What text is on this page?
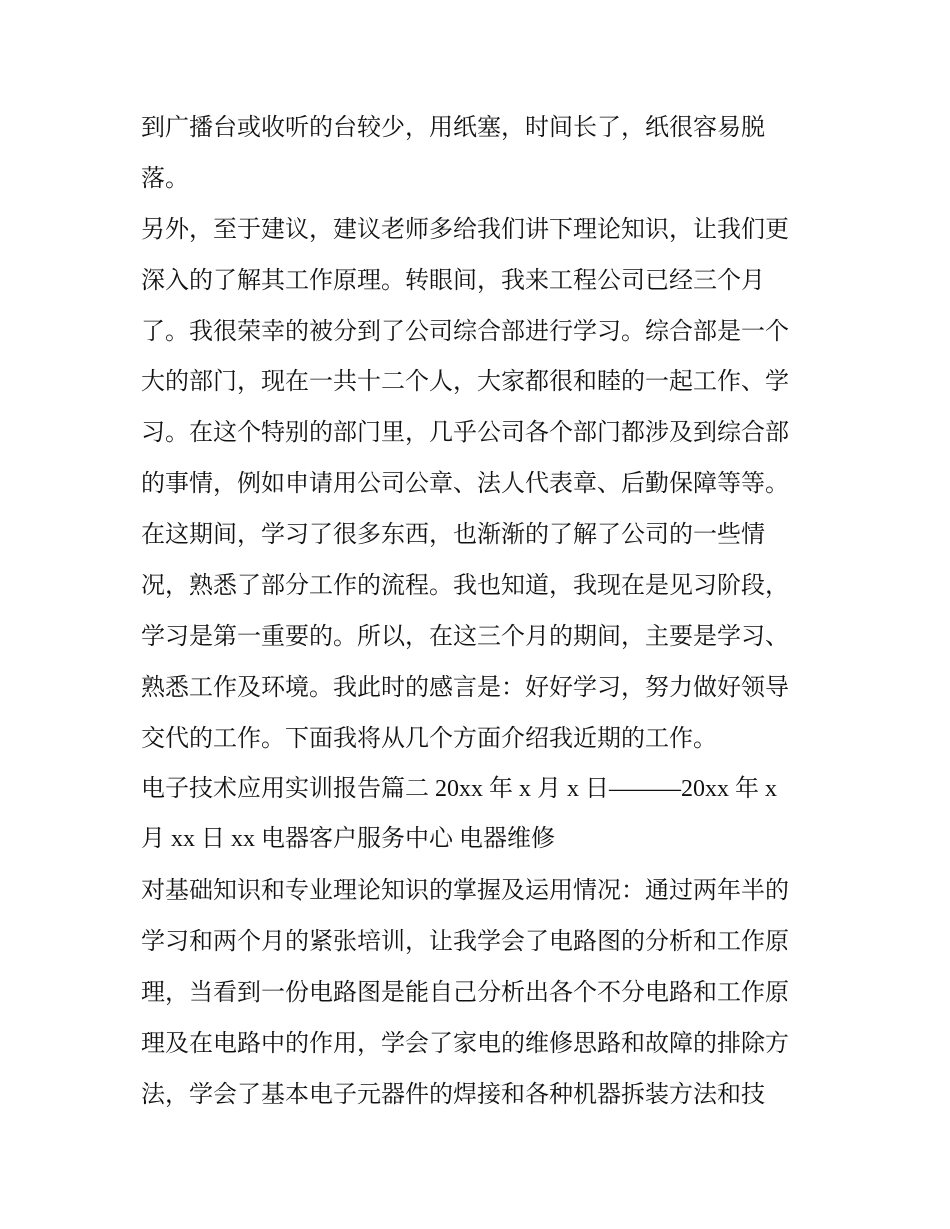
到广播台或收听的台较少，用纸塞，时间长了，纸很容易脱
落。
另外，至于建议，建议老师多给我们讲下理论知识，让我们更
深入的了解其工作原理。转眼间，我来工程公司已经三个月
了。我很荣幸的被分到了公司综合部进行学习。综合部是一个
大的部门，现在一共十二个人，大家都很和睦的一起工作、学
习。在这个特别的部门里，几乎公司各个部门都涉及到综合部
的事情，例如申请用公司公章、法人代表章、后勤保障等等。
在这期间，学习了很多东西，也渐渐的了解了公司的一些情
况，熟悉了部分工作的流程。我也知道，我现在是见习阶段，
学习是第一重要的。所以，在这三个月的期间，主要是学习、
熟悉工作及环境。我此时的感言是：好好学习，努力做好领导
交代的工作。下面我将从几个方面介绍我近期的工作。
电子技术应用实训报告篇二 20xx 年 x 月 x 日———20xx 年 x
月 xx 日 xx 电器客户服务中心 电器维修
对基础知识和专业理论知识的掌握及运用情况：通过两年半的
学习和两个月的紧张培训，让我学会了电路图的分析和工作原
理，当看到一份电路图是能自己分析出各个不分电路和工作原
理及在电路中的作用，学会了家电的维修思路和故障的排除方
法，学会了基本电子元器件的焊接和各种机器拆装方法和技
